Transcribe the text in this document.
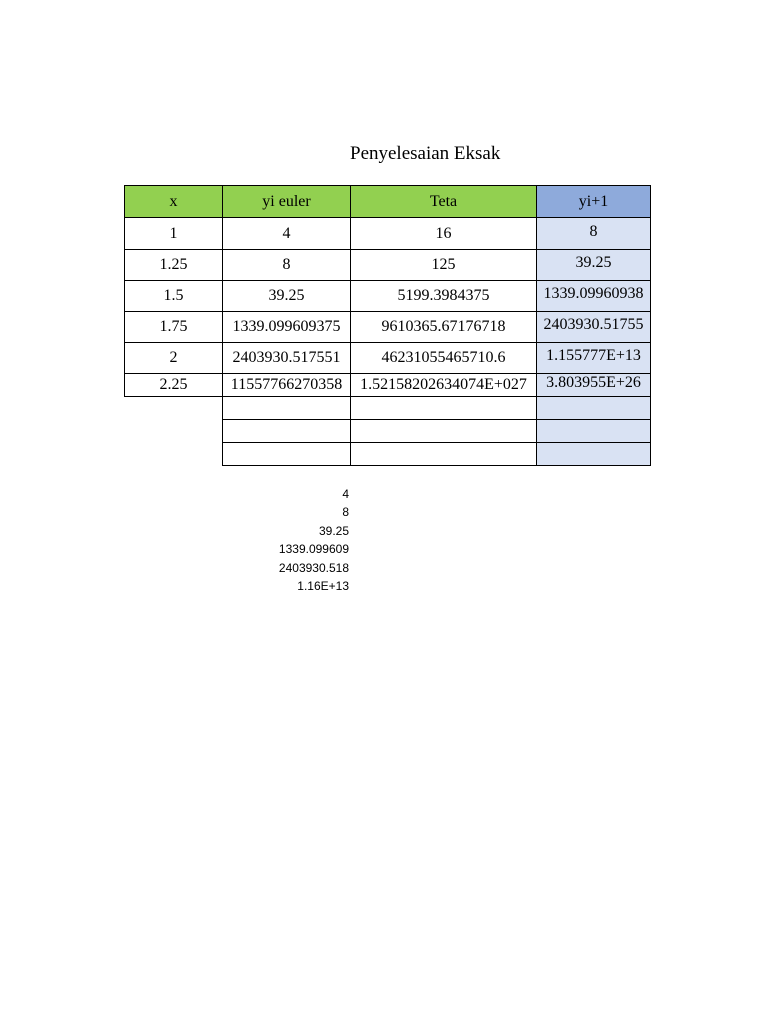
Penyelesaian Eksak
x	yi euler	Teta	yi+1
1	4	16	8
1.25	8	125	39.25
1.5	39.25	5199.3984375	1339.09960938
1.75	1339.099609375	9610365.67176718	2403930.51755
2	2403930.517551	46231055465710.6	1.155777E+13
2.25	11557766270358	1.52158202634074E+027	3.803955E+26
4
8
39.25
1339.099609
2403930.518
1.16E+13
